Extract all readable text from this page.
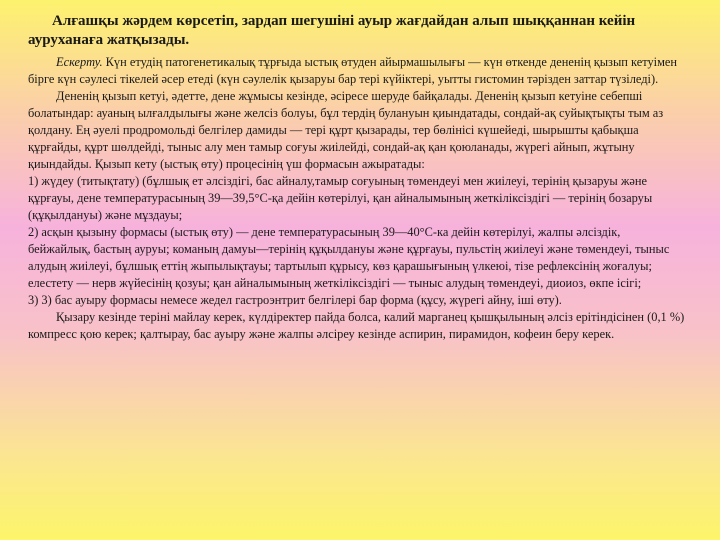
Алғашқы жәрдем көрсетіп, зардап шегушіні ауыр жағдайдан алып шыққаннан кейін ауруханаға жатқызады.

Ескерту. Күн етудің патогенетикалық тұрғыда ыстық өтуден айырмашылығы — күн өткенде дененің қызып кетуімен бірге күн сәулесі тікелей әсер етеді (күн сәулелік қызаруы бар тері күйіктері, уытты гистомин тәрізден заттар түзіледі).

Дененің қызып кетуі, әдетте, дене жұмысы кезінде, әсіресе шеруде байқалады. Дененің қызып кетуіне себепші болатындар: ауаның ылғалдылығы және желсіз болуы, бұл тердің булануын қиындатады, сондай-ақ суйықтықты тым аз қолдану. Ең әуелі продромольді белгілер дамиды — тері құрт қызарады, тер бөлінісі күшейеді, шырышты қабықша құрғайды, құрт шөлдейді, тыныс алу мен тамыр соғуы жиілейді, сондай-ақ қан қоюланады, жүрегі айнып, жұтыну қиындайды. Қызып кету (ыстық өту) процесінің үш формасын ажыратады:

1) жүдеу (титықтату) (бұлшық ет әлсіздігі, бас айналу,тамыр соғуының төмендеуі мен жиілеуі, терінің қызаруы және құрғауы, дене температурасының 39—39,5°С-қа дейін көтерілуі, қан айналымының жеткіліксіздігі — терінің бозаруы (құқылдануы) және мұздауы;

2) асқын қызыну формасы (ыстық өту) — дене температурасының 39—40°С-ка дейін көтерілуі, жалпы әлсіздік,

бейжайлық, бастың ауруы; команың дамуы—терінің құқылдануы және құрғауы, пульстің жиілеуі және төмендеуі, тыныс алудың жиілеуі, бұлшық еттің жыпылықтауы; тартылып құрысу, көз қарашығының үлкеюі, тізе рефлексінің жоғалуы; елестету — нерв жүйесінің қозуы; қан айналымының жеткіліксіздігі — тыныс алудың төмендеуі, диоиоз, өкпе ісігі;

3) 3) бас ауыру формасы немесе жедел гастроэнтрит белгілері бар форма (құсу, жүрегі айну, іші өту).

Қызару кезінде теріні майлау керек, күлдіректер пайда болса, калий марганец қышқылының әлсіз ерітіндісінен (0,1 %) компресс қою керек; қалтырау, бас ауыру және жалпы әлсіреу кезінде аспирин, пирамидон, кофеин беру керек.
